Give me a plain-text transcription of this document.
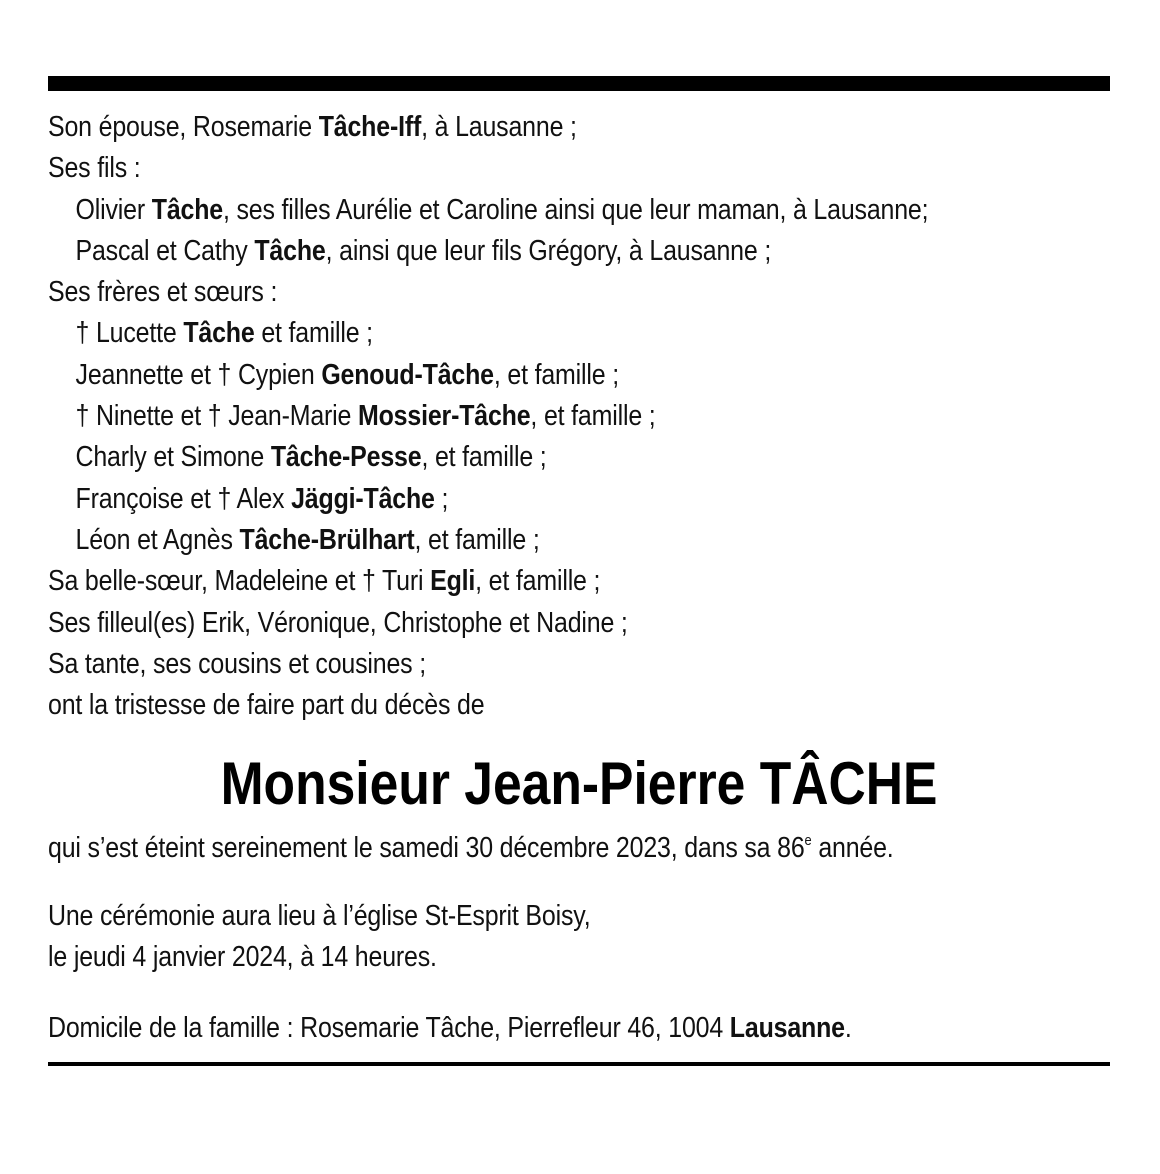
Son épouse, Rosemarie Tâche-Iff, à Lausanne ;
Ses fils :
Olivier Tâche, ses filles Aurélie et Caroline ainsi que leur maman, à Lausanne;
Pascal et Cathy Tâche, ainsi que leur fils Grégory, à Lausanne ;
Ses frères et sœurs :
† Lucette Tâche et famille ;
Jeannette et † Cypien Genoud-Tâche, et famille ;
† Ninette et † Jean-Marie Mossier-Tâche, et famille ;
Charly et Simone Tâche-Pesse, et famille ;
Françoise et † Alex Jäggi-Tâche ;
Léon et Agnès Tâche-Brülhart, et famille ;
Sa belle-sœur, Madeleine et † Turi Egli, et famille ;
Ses filleul(es) Erik, Véronique, Christophe et Nadine ;
Sa tante, ses cousins et cousines ;
ont la tristesse de faire part du décès de
Monsieur Jean-Pierre TÂCHE
qui s’est éteint sereinement le samedi 30 décembre 2023, dans sa 86e année.
Une cérémonie aura lieu à l’église St-Esprit Boisy,
le jeudi 4 janvier 2024, à 14 heures.
Domicile de la famille : Rosemarie Tâche, Pierrefleur 46, 1004 Lausanne.
